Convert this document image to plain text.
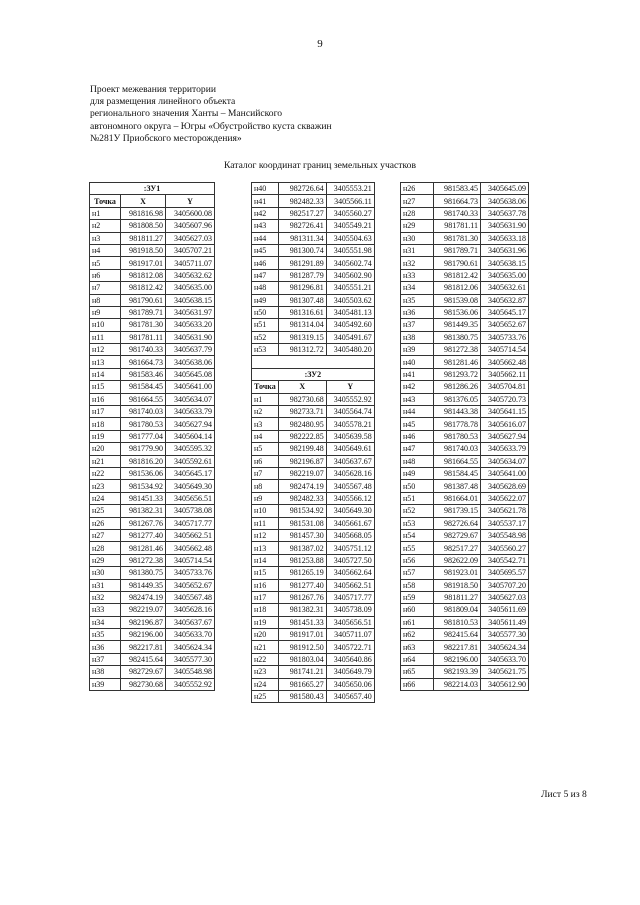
9
Проект межевания территории
для размещения линейного объекта
регионального значения Ханты – Мансийского
автономного округа – Югры «Обустройство куста скважин
№281У Приобского месторождения»
Каталог координат границ земельных участков
:ЗУ1		
Точка	X	Y
н1	981816.98	3405600.08
н2	981808.50	3405607.96
н3	981811.27	3405627.03
н4	981918.50	3405707.21
н5	981917.01	3405711.07
н6	981812.08	3405632.62
н7	981812.42	3405635.00
н8	981790.61	3405638.15
н9	981789.71	3405631.97
н10	981781.30	3405633.20
н11	981781.11	3405631.90
н12	981740.33	3405637.79
н13	981664.73	3405638.06
н14	981583.46	3405645.08
н15	981584.45	3405641.00
н16	981664.55	3405634.07
н17	981740.03	3405633.79
н18	981780.53	3405627.94
н19	981777.04	3405604.14
н20	981779.90	3405595.32
н21	981816.20	3405592.61
н22	981536.06	3405645.17
н23	981534.92	3405649.30
н24	981451.33	3405656.51
н25	981382.31	3405738.08
н26	981267.76	3405717.77
н27	981277.40	3405662.51
н28	981281.46	3405662.48
н29	981272.38	3405714.54
н30	981380.75	3405733.76
н31	981449.35	3405652.67
н32	982474.19	3405567.48
н33	982219.07	3405628.16
н34	982196.87	3405637.67
н35	982196.00	3405633.70
н36	982217.81	3405624.34
н37	982415.64	3405577.30
н38	982729.67	3405548.98
н39	982730.68	3405552.92
н40	982726.64	3405553.21
н41	982482.33	3405566.11
н42	982517.27	3405560.27
н43	982726.41	3405549.21
н44	981311.34	3405504.63
н45	981300.74	3405551.98
н46	981291.89	3405602.74
н47	981287.79	3405602.90
н48	981296.81	3405551.21
н49	981307.48	3405503.62
н50	981316.61	3405481.13
н51	981314.04	3405492.60
н52	981319.15	3405491.67
н53	981312.72	3405480.20

:ЗУ2		
Точка	X	Y
н1	982730.68	3405552.92
н2	982733.71	3405564.74
н3	982480.95	3405578.21
н4	982222.85	3405639.58
н5	982199.48	3405649.61
н6	982196.87	3405637.67
н7	982219.07	3405628.16
н8	982474.19	3405567.48
н9	982482.33	3405566.12
н10	981534.92	3405649.30
н11	981531.08	3405661.67
н12	981457.30	3405668.05
н13	981387.02	3405751.12
н14	981253.88	3405727.50
н15	981265.19	3405662.64
н16	981277.40	3405662.51
н17	981267.76	3405717.77
н18	981382.31	3405738.09
н19	981451.33	3405656.51
н20	981917.01	3405711.07
н21	981912.50	3405722.71
н22	981803.04	3405640.86
н23	981741.21	3405649.79
н24	981665.27	3405650.06
н25	981580.43	3405657.40
н26	981583.45	3405645.09
н27	981664.73	3405638.06
н28	981740.33	3405637.78
н29	981781.11	3405631.90
н30	981781.30	3405633.18
н31	981789.71	3405631.96
н32	981790.61	3405638.15
н33	981812.42	3405635.00
н34	981812.06	3405632.61
н35	981539.08	3405632.87
н36	981536.06	3405645.17
н37	981449.35	3405652.67
н38	981380.75	3405733.76
н39	981272.38	3405714.54
н40	981281.46	3405662.48
н41	981293.72	3405662.11
н42	981286.26	3405704.81
н43	981376.05	3405720.73
н44	981443.38	3405641.15
н45	981778.78	3405616.07
н46	981780.53	3405627.94
н47	981740.03	3405633.79
н48	981664.55	3405634.07
н49	981584.45	3405641.00
н50	981387.48	3405628.69
н51	981664.01	3405622.07
н52	981739.15	3405621.78
н53	982726.64	3405537.17
н54	982729.67	3405548.98
н55	982517.27	3405560.27
н56	982622.09	3405542.71
н57	981923.01	3405695.57
н58	981918.50	3405707.20
н59	981811.27	3405627.03
н60	981809.04	3405611.69
н61	981810.53	3405611.49
н62	982415.64	3405577.30
н63	982217.81	3405624.34
н64	982196.00	3405633.70
н65	982193.39	3405621.75
н66	982214.03	3405612.90
Лист 5 из 8
